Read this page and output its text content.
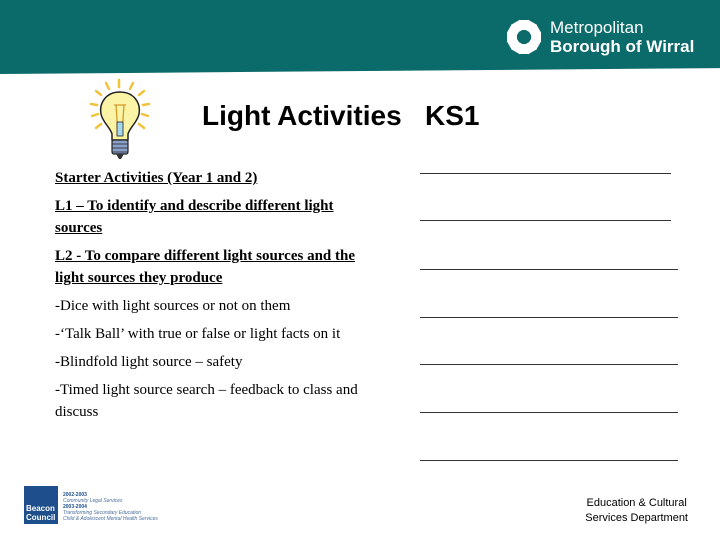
Metropolitan
Borough of Wirral
Light Activities   KS1

Starter Activities (Year 1 and 2)

L1 – To identify and describe different light sources

L2 - To compare different light sources and the light sources they produce

-Dice with light sources or not on them

-‘Talk Ball’ with true or false or light facts on it

-Blindfold light source – safety

-Timed light source search – feedback to class and discuss

Beacon Council
2002-2003
Community Legal Services
2003-2004
Transforming Secondary Education
Child & Adolescent Mental Health Services
Education & Cultural
Services Department
